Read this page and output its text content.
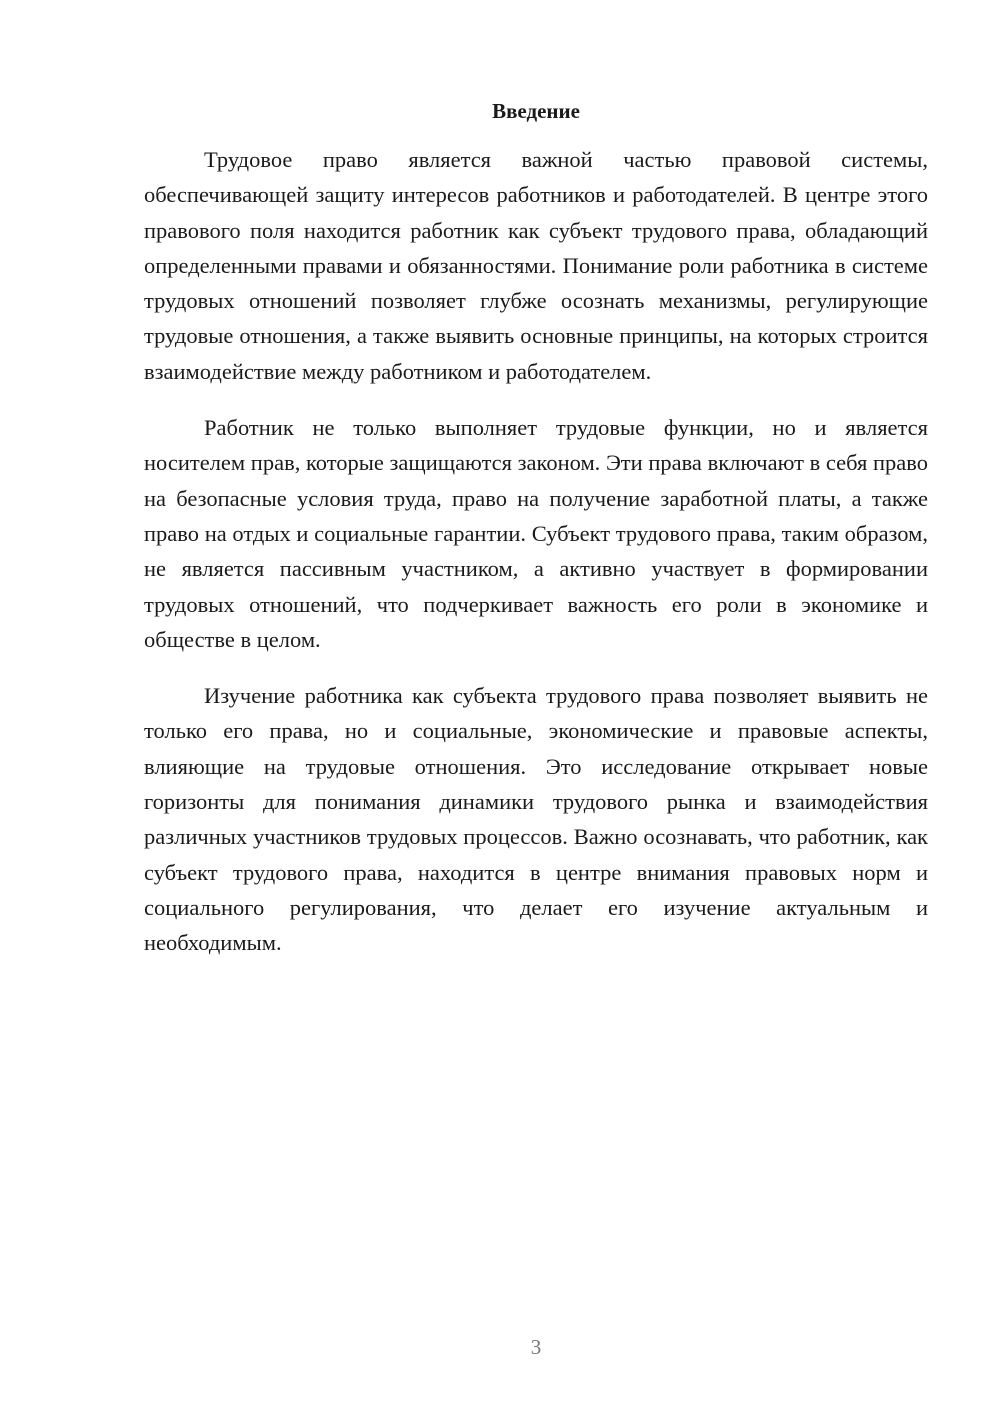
Введение

Трудовое право является важной частью правовой системы, обеспечивающей защиту интересов работников и работодателей. В центре этого правового поля находится работник как субъект трудового права, обладающий определенными правами и обязанностями. Понимание роли работника в системе трудовых отношений позволяет глубже осознать механизмы, регулирующие трудовые отношения, а также выявить основные принципы, на которых строится взаимодействие между работником и работодателем.

Работник не только выполняет трудовые функции, но и является носителем прав, которые защищаются законом. Эти права включают в себя право на безопасные условия труда, право на получение заработной платы, а также право на отдых и социальные гарантии. Субъект трудового права, таким образом, не является пассивным участником, а активно участвует в формировании трудовых отношений, что подчеркивает важность его роли в экономике и обществе в целом.

Изучение работника как субъекта трудового права позволяет выявить не только его права, но и социальные, экономические и правовые аспекты, влияющие на трудовые отношения. Это исследование открывает новые горизонты для понимания динамики трудового рынка и взаимодействия различных участников трудовых процессов. Важно осознавать, что работник, как субъект трудового права, находится в центре внимания правовых норм и социального регулирования, что делает его изучение актуальным и необходимым.

3
